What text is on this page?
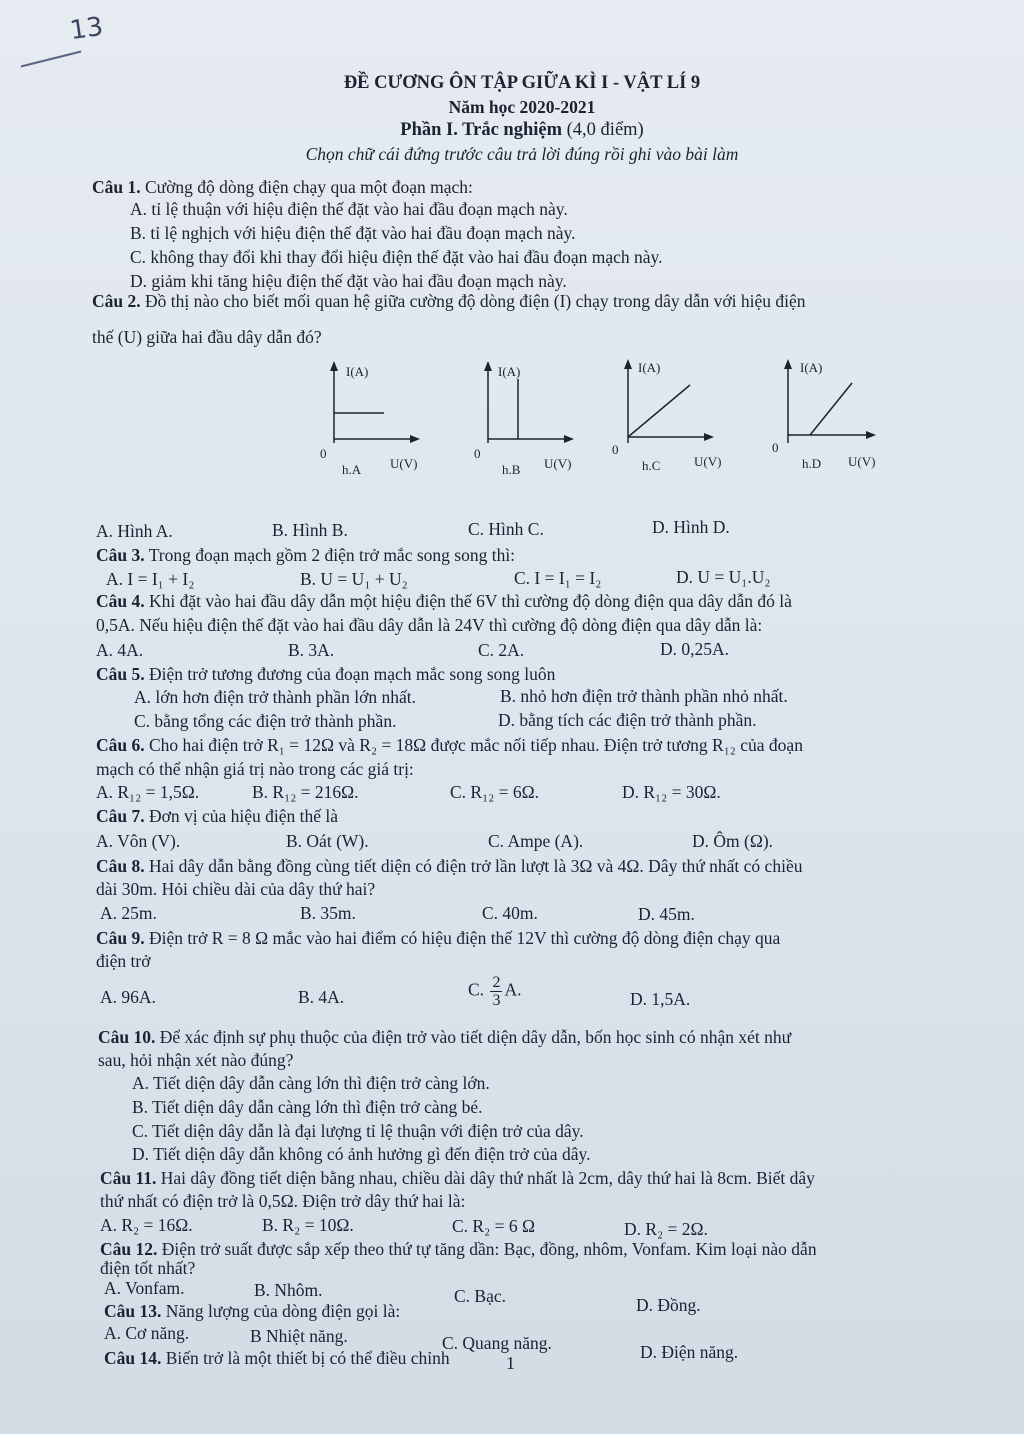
13
ĐỀ CƯƠNG ÔN TẬP GIỮA KÌ I - VẬT LÍ 9
Năm học 2020-2021
Phần I. Trắc nghiệm (4,0 điểm)
Chọn chữ cái đứng trước câu trả lời đúng rồi ghi vào bài làm
Câu 1. Cường độ dòng điện chạy qua một đoạn mạch:
A. tỉ lệ thuận với hiệu điện thế đặt vào hai đầu đoạn mạch này.
B. tỉ lệ nghịch với hiệu điện thế đặt vào hai đầu đoạn mạch này.
C. không thay đổi khi thay đổi hiệu điện thế đặt vào hai đầu đoạn mạch này.
D. giảm khi tăng hiệu điện thế đặt vào hai đầu đoạn mạch này.
Câu 2. Đồ thị nào cho biết mối quan hệ giữa cường độ dòng điện (I) chạy trong dây dẫn với hiệu điện
thế (U) giữa hai đầu dây dẫn đó?
I(A)
0
h.A U(V)
I(A)
0
h.B U(V)
I(A)
0
h.C	U(V)
I(A)
0
h.D U(V)
A. Hình A.	B. Hình B.	C. Hình C.	D. Hình D.
Câu 3. Trong đoạn mạch gồm 2 điện trở mắc song song thì:
A. I = I₁ + I₂	B. U = U₁ + U₂	C. I = I₁ = I₂	D. U = U₁.U₂
Câu 4. Khi đặt vào hai đầu dây dẫn một hiệu điện thế 6V thì cường độ dòng điện qua dây dẫn đó là
0,5A. Nếu hiệu điện thế đặt vào hai đầu dây dẫn là 24V thì cường độ dòng điện qua dây dẫn là:
A. 4A.	B. 3A.	C. 2A.	D. 0,25A.
Câu 5. Điện trở tương đương của đoạn mạch mắc song song luôn
A. lớn hơn điện trở thành phần lớn nhất.	B. nhỏ hơn điện trở thành phần nhỏ nhất.
C. bằng tổng các điện trở thành phần.	D. bằng tích các điện trở thành phần.
Câu 6. Cho hai điện trở R₁ = 12Ω và R₂ = 18Ω được mắc nối tiếp nhau. Điện trở tương R₁₂ của đoạn
mạch có thể nhận giá trị nào trong các giá trị:
A. R₁₂ = 1,5Ω.	B. R₁₂ = 216Ω.	C. R₁₂ = 6Ω.	D. R₁₂ = 30Ω.
Câu 7. Đơn vị của hiệu điện thế là
A. Vôn (V).	B. Oát (W).	C. Ampe (A).	D. Ôm (Ω).
Câu 8. Hai dây dẫn bằng đồng cùng tiết diện có điện trở lần lượt là 3Ω và 4Ω. Dây thứ nhất có chiều
dài 30m. Hỏi chiều dài của dây thứ hai?
A. 25m.	B. 35m.	C. 40m.	D. 45m.
Câu 9. Điện trở R = 8 Ω mắc vào hai điểm có hiệu điện thế 12V thì cường độ dòng điện chạy qua
điện trở
A. 96A.	B. 4A.	C. $\frac{2}{3} A$.	D. 1,5A.
Câu 10. Để xác định sự phụ thuộc của điện trở vào tiết diện dây dẫn, bốn học sinh có nhận xét như
sau, hỏi nhận xét nào đúng?
A. Tiết diện dây dẫn càng lớn thì điện trở càng lớn.
B. Tiết diện dây dẫn càng lớn thì điện trở càng bé.
C. Tiết diện dây dẫn là đại lượng tỉ lệ thuận với điện trở của dây.
D. Tiết diện dây dẫn không có ảnh hưởng gì đến điện trở của dây.
Câu 11. Hai dây đồng tiết diện bằng nhau, chiều dài dây thứ nhất là 2cm, dây thứ hai là 8cm. Biết dây
thứ nhất có điện trở là 0,5Ω. Điện trở dây thứ hai là:
A. R₂ = 16Ω.	B. R₂ = 10Ω.	C. R₂ = 6 Ω	D. R₂ = 2Ω.
Câu 12. Điện trở suất được sắp xếp theo thứ tự tăng dần: Bạc, đồng, nhôm, Vonfam. Kim loại nào dẫn
điện tốt nhất?
A. Vonfam.	B. Nhôm.	C. Bạc.	D. Đồng.
Câu 13. Năng lượng của dòng điện gọi là:
A. Cơ năng.	B Nhiệt năng.	C. Quang năng.	D. Điện năng.
Câu 14. Biến trở là một thiết bị có thể điều chỉnh	1
